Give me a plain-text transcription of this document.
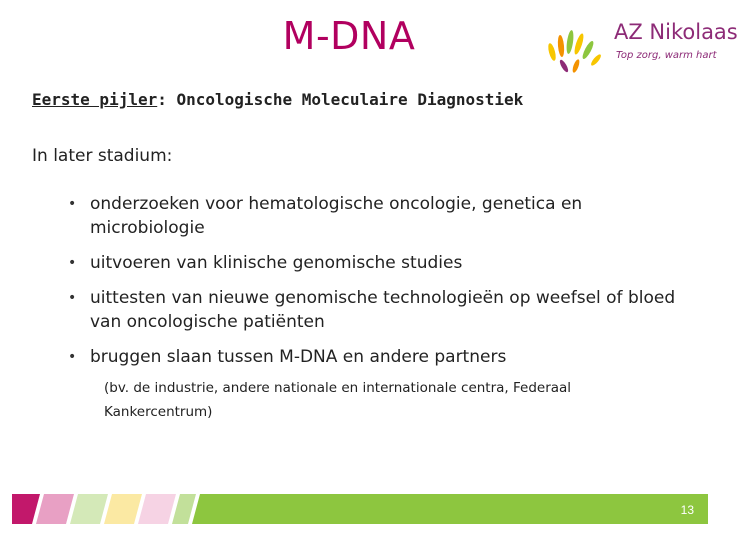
M-DNA	AZ Nikolaas
Top zorg, warm hart
Eerste pijler: Oncologische Moleculaire Diagnostiek
In later stadium:
• onderzoeken voor hematologische oncologie, genetica en microbiologie
• uitvoeren van klinische genomische studies
• uittesten van nieuwe genomische technologieën op weefsel of bloed van oncologische patiënten
• bruggen slaan tussen M-DNA en andere partners
(bv. de industrie, andere nationale en internationale centra, Federaal Kankercentrum)
13
